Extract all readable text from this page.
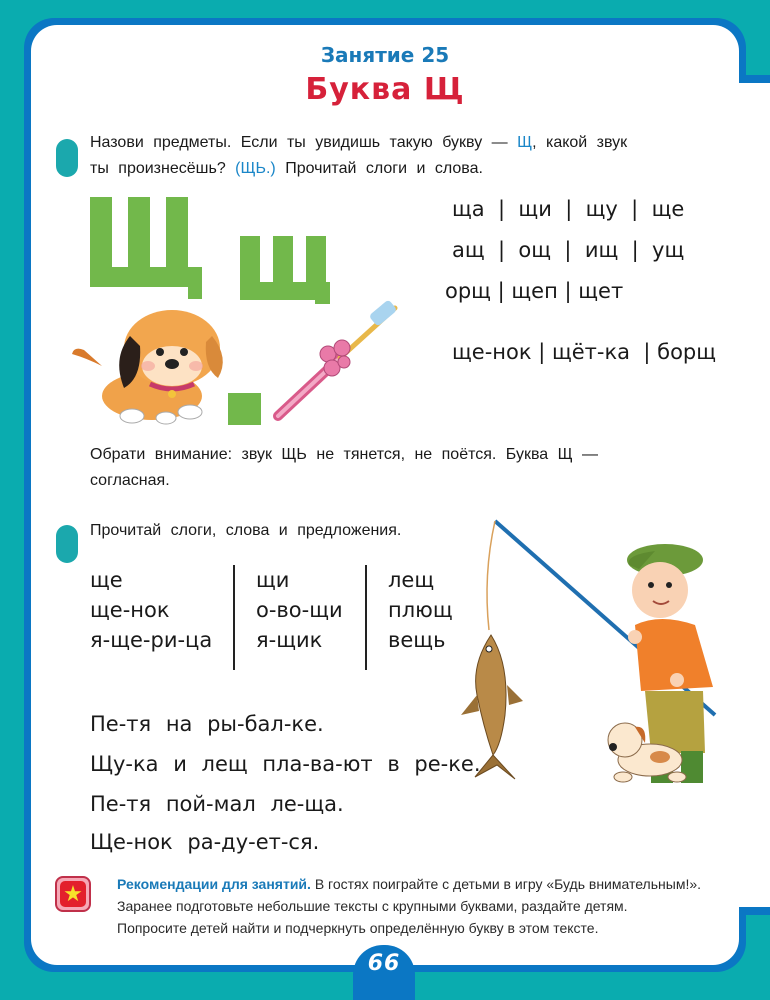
Занятие 25
Буква Щ
Назови предметы. Если ты увидишь такую букву — Щ, какой звук
ты произнесёшь? (ЩЬ.) Прочитай слоги и слова.
ща  |  щи  |  щу  |  ще
ащ  |  ощ  |  ищ  |  ущ
орщ | щеп | щет
ще-нок | щёт-ка  | борщ
Обрати внимание: звук ЩЬ не тянется, не поётся. Буква Щ —
согласная.
Прочитай слоги, слова и предложения.
ще
ще-нок
я-ще-ри-ца
щи
о-во-щи
я-щик
лещ
плющ
вещь
Пе-тя на ры-бал-ке.
Щу-ка и лещ пла-ва-ют в ре-ке.
Пе-тя пой-мал ле-ща.
Ще-нок ра-ду-ет-ся.
★ Рекомендации для занятий. В гостях поиграйте с детьми в игру «Будь внимательным!».
Заранее подготовьте небольшие тексты с крупными буквами, раздайте детям.
Попросите детей найти и подчеркнуть определённую букву в этом тексте.
66
